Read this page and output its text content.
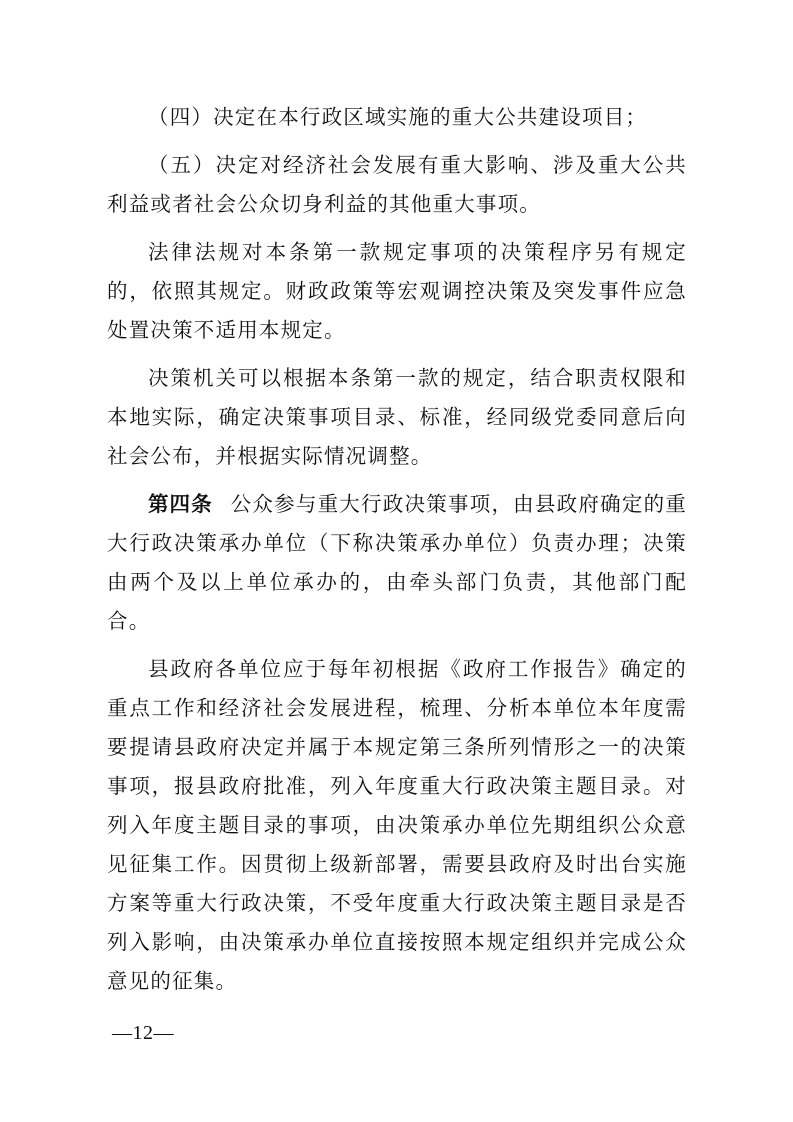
（四）决定在本行政区域实施的重大公共建设项目；

（五）决定对经济社会发展有重大影响、涉及重大公共利益或者社会公众切身利益的其他重大事项。

法律法规对本条第一款规定事项的决策程序另有规定的，依照其规定。财政政策等宏观调控决策及突发事件应急处置决策不适用本规定。

决策机关可以根据本条第一款的规定，结合职责权限和本地实际，确定决策事项目录、标准，经同级党委同意后向社会公布，并根据实际情况调整。

第四条 公众参与重大行政决策事项，由县政府确定的重大行政决策承办单位（下称决策承办单位）负责办理；决策由两个及以上单位承办的，由牵头部门负责，其他部门配合。

县政府各单位应于每年初根据《政府工作报告》确定的重点工作和经济社会发展进程，梳理、分析本单位本年度需要提请县政府决定并属于本规定第三条所列情形之一的决策事项，报县政府批准，列入年度重大行政决策主题目录。对列入年度主题目录的事项，由决策承办单位先期组织公众意见征集工作。因贯彻上级新部署，需要县政府及时出台实施方案等重大行政决策，不受年度重大行政决策主题目录是否列入影响，由决策承办单位直接按照本规定组织并完成公众意见的征集。

—12—
